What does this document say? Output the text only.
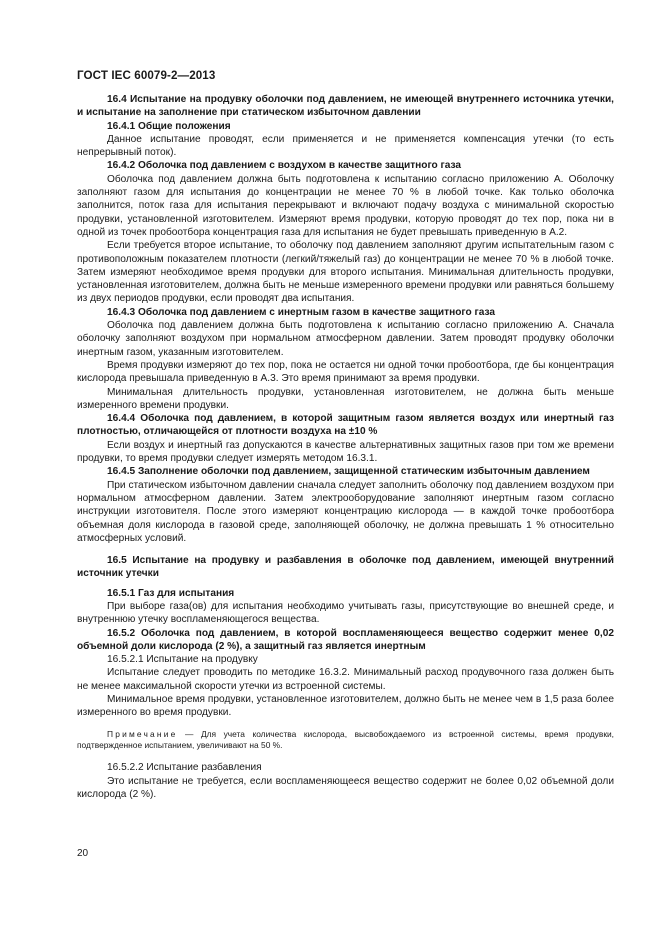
ГОСТ IEC 60079-2—2013

16.4 Испытание на продувку оболочки под давлением, не имеющей внутреннего источника утечки, и испытание на заполнение при статическом избыточном давлении

16.4.1 Общие положения

Данное испытание проводят, если применяется и не применяется компенсация утечки (то есть непрерывный поток).

16.4.2 Оболочка под давлением с воздухом в качестве защитного газа

Оболочка под давлением должна быть подготовлена к испытанию согласно приложению А. Оболочку заполняют газом для испытания до концентрации не менее 70 % в любой точке. Как только оболочка заполнится, поток газа для испытания перекрывают и включают подачу воздуха с минимальной скоростью продувки, установленной изготовителем. Измеряют время продувки, которую проводят до тех пор, пока ни в одной из точек пробоотбора концентрация газа для испытания не будет превышать приведенную в А.2.

Если требуется второе испытание, то оболочку под давлением заполняют другим испытательным газом с противоположным показателем плотности (легкий/тяжелый газ) до концентрации не менее 70 % в любой точке. Затем измеряют необходимое время продувки для второго испытания. Минимальная длительность продувки, установленная изготовителем, должна быть не меньше измеренного времени продувки или равняться большему из двух периодов продувки, если проводят два испытания.

16.4.3 Оболочка под давлением с инертным газом в качестве защитного газа

Оболочка под давлением должна быть подготовлена к испытанию согласно приложению А. Сначала оболочку заполняют воздухом при нормальном атмосферном давлении. Затем проводят продувку оболочки инертным газом, указанным изготовителем.

Время продувки измеряют до тех пор, пока не остается ни одной точки пробоотбора, где бы концентрация кислорода превышала приведенную в А.3. Это время принимают за время продувки.

Минимальная длительность продувки, установленная изготовителем, не должна быть меньше измеренного времени продувки.

16.4.4 Оболочка под давлением, в которой защитным газом является воздух или инертный газ плотностью, отличающейся от плотности воздуха на ±10 %

Если воздух и инертный газ допускаются в качестве альтернативных защитных газов при том же времени продувки, то время продувки следует измерять методом 16.3.1.

16.4.5 Заполнение оболочки под давлением, защищенной статическим избыточным давлением

При статическом избыточном давлении сначала следует заполнить оболочку под давлением воздухом при нормальном атмосферном давлении. Затем электрооборудование заполняют инертным газом согласно инструкции изготовителя. После этого измеряют концентрацию кислорода — в каждой точке пробоотбора объемная доля кислорода в газовой среде, заполняющей оболочку, не должна превышать 1 % относительно атмосферных условий.

16.5 Испытание на продувку и разбавления в оболочке под давлением, имеющей внутренний источник утечки

16.5.1 Газ для испытания

При выборе газа(ов) для испытания необходимо учитывать газы, присутствующие во внешней среде, и внутреннюю утечку воспламеняющегося вещества.

16.5.2 Оболочка под давлением, в которой воспламеняющееся вещество содержит менее 0,02 объемной доли кислорода (2 %), а защитный газ является инертным

16.5.2.1 Испытание на продувку

Испытание следует проводить по методике 16.3.2. Минимальный расход продувочного газа должен быть не менее максимальной скорости утечки из встроенной системы.

Минимальное время продувки, установленное изготовителем, должно быть не менее чем в 1,5 раза более измеренного во время продувки.

Примечание — Для учета количества кислорода, высвобождаемого из встроенной системы, время продувки, подтвержденное испытанием, увеличивают на 50 %.

16.5.2.2 Испытание разбавления

Это испытание не требуется, если воспламеняющееся вещество содержит не более 0,02 объемной доли кислорода (2 %).

20
